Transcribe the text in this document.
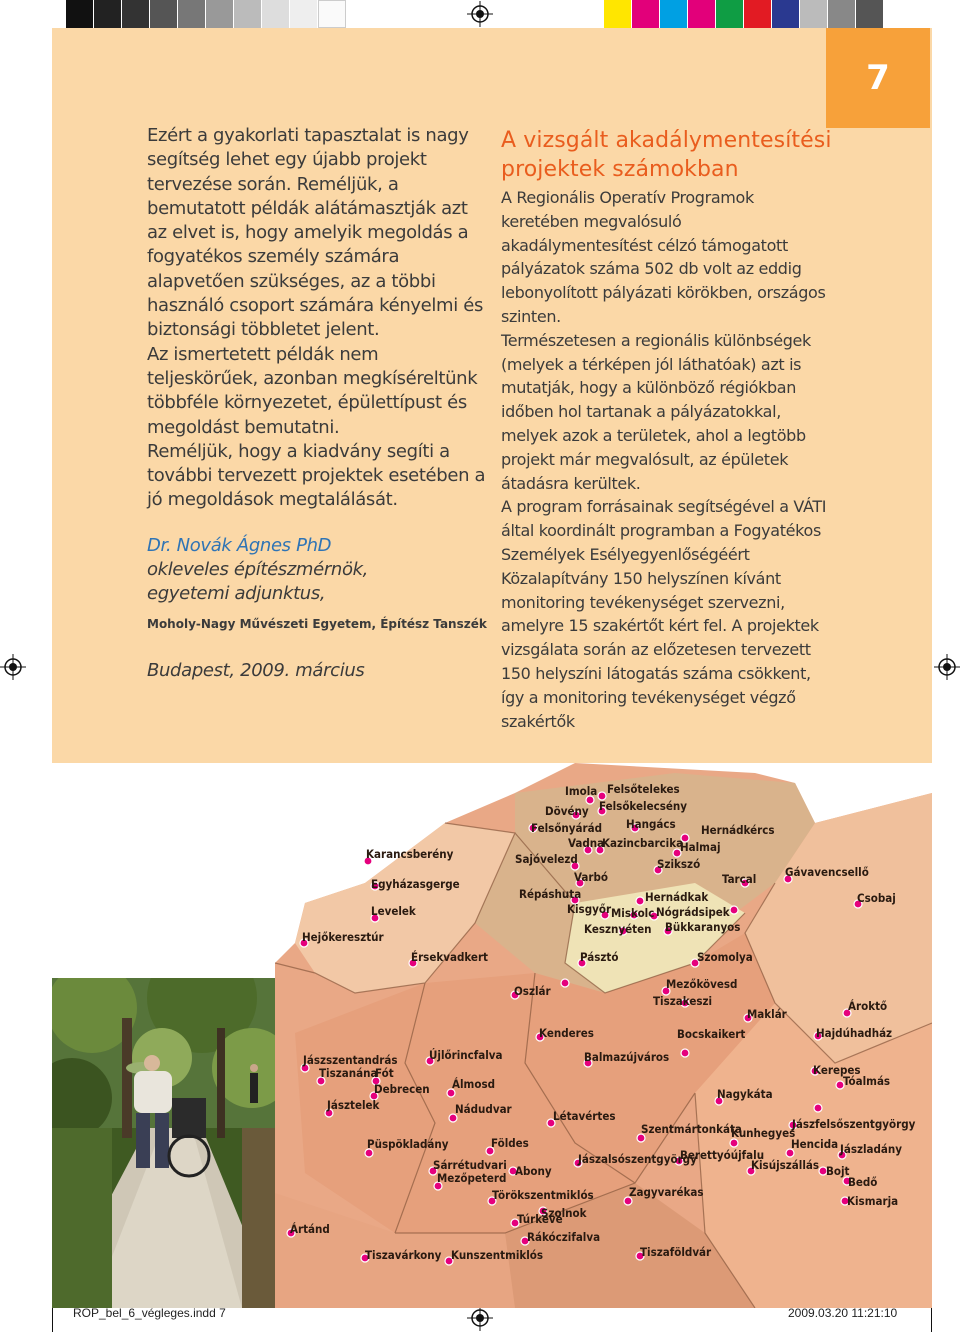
7

Ezért a gyakorlati tapasztalat is nagy segítség lehet egy újabb projekt tervezése során. Reméljük, a bemutatott példák alátámasztják azt az elvet is, hogy amelyik megoldás a fogyatékos személy számára alapvetően szükséges, az a többi használó csoport számára kényelmi és biztonsági többletet jelent.

Az ismertetett példák nem teljeskörűek, azonban megkíséreltünk többféle környezetet, épülettípust és megoldást bemutatni.

Reméljük, hogy a kiadvány segíti a további tervezett projektek esetében a jó megoldások megtalálását.

Dr. Novák Ágnes PhD

okleveles építészmérnök,

egyetemi adjunktus,

Moholy-Nagy Művészeti Egyetem, Építész Tanszék

Budapest, 2009. március

A vizsgált akadálymentesítési projektek számokban

A Regionális Operatív Programok keretében megvalósuló akadálymentesítést célzó támogatott pályázatok száma 502 db volt az eddig lebonyolított pályázati körökben, országos szinten.

Természetesen a regionális különbségek (melyek a térképen jól láthatóak) azt is mutatják, hogy a különböző régiókban időben hol tartanak a pályázatokkal, melyek azok a területek, ahol a legtöbb projekt már megvalósult, az épületek átadásra kerültek.

A program forrásainak segítségével a VÁTI által koordinált programban a Fogyatékos Személyek Esélyegyenlőségéért Közalapítvány 150 helyszínen kívánt monitoring tevékenységet szervezni, amelyre 15 szakértőt kért fel. A projektek vizsgálata során az előzetesen tervezett 150 helyszíni látogatás száma csökkent, így a monitoring tevékenységet végző szakértők

Imola Felsőtelekes
Dövény Felsőkelecsény
Felsőnyárád Hangács Hernádkércs
Vadna
Kazincbarcika
Halmaj
Sajóvelezd	Szikszó
Karancsberény
Varbó	Tarcal Gávavencsellő
Egyházasgerge
Répáshuta	Hernádkak
Kisgyőr Miskolc
Csobaj
Levelek	Nógrádsipek
Kesznyéten Bükkaranyos
Hejőkeresztúr
Érsekvadkert	Pásztó	Szomolya
Oszlár	Mezőkövesd
Tiszakeszi
Maklár
Ároktő
Hajdúhadház
Kenderes	Bocskaikert
Újlőrincfalva	Balmazújváros
Jászszentandrás
Tiszanána
Fót	Kerepes
Tóalmás
Debrecen Álmosd
Nagykáta
Jásztelek	Nádudvar	Létavértes
Jászfelsőszentgyörgy
Szentmártonkáta
Kunhegyes
Hencida
Püspökladány	Földes
Berettyóújfalu
Jászalsószentgyörgy
Jászladány
Sárrétudvari	Kisújszállás Bojt
Abony
Mezőpeterd	Bedő
Törökszentmiklós	Zagyvarékas
Kismarja
Szolnok
Túrkeve
Ártánd
Rákóczifalva
Tiszavárkony Kunszentmiklós	Tiszaföldvár
ROP_bel_6_végleges.indd 7	2009.03.20 11:21:10
